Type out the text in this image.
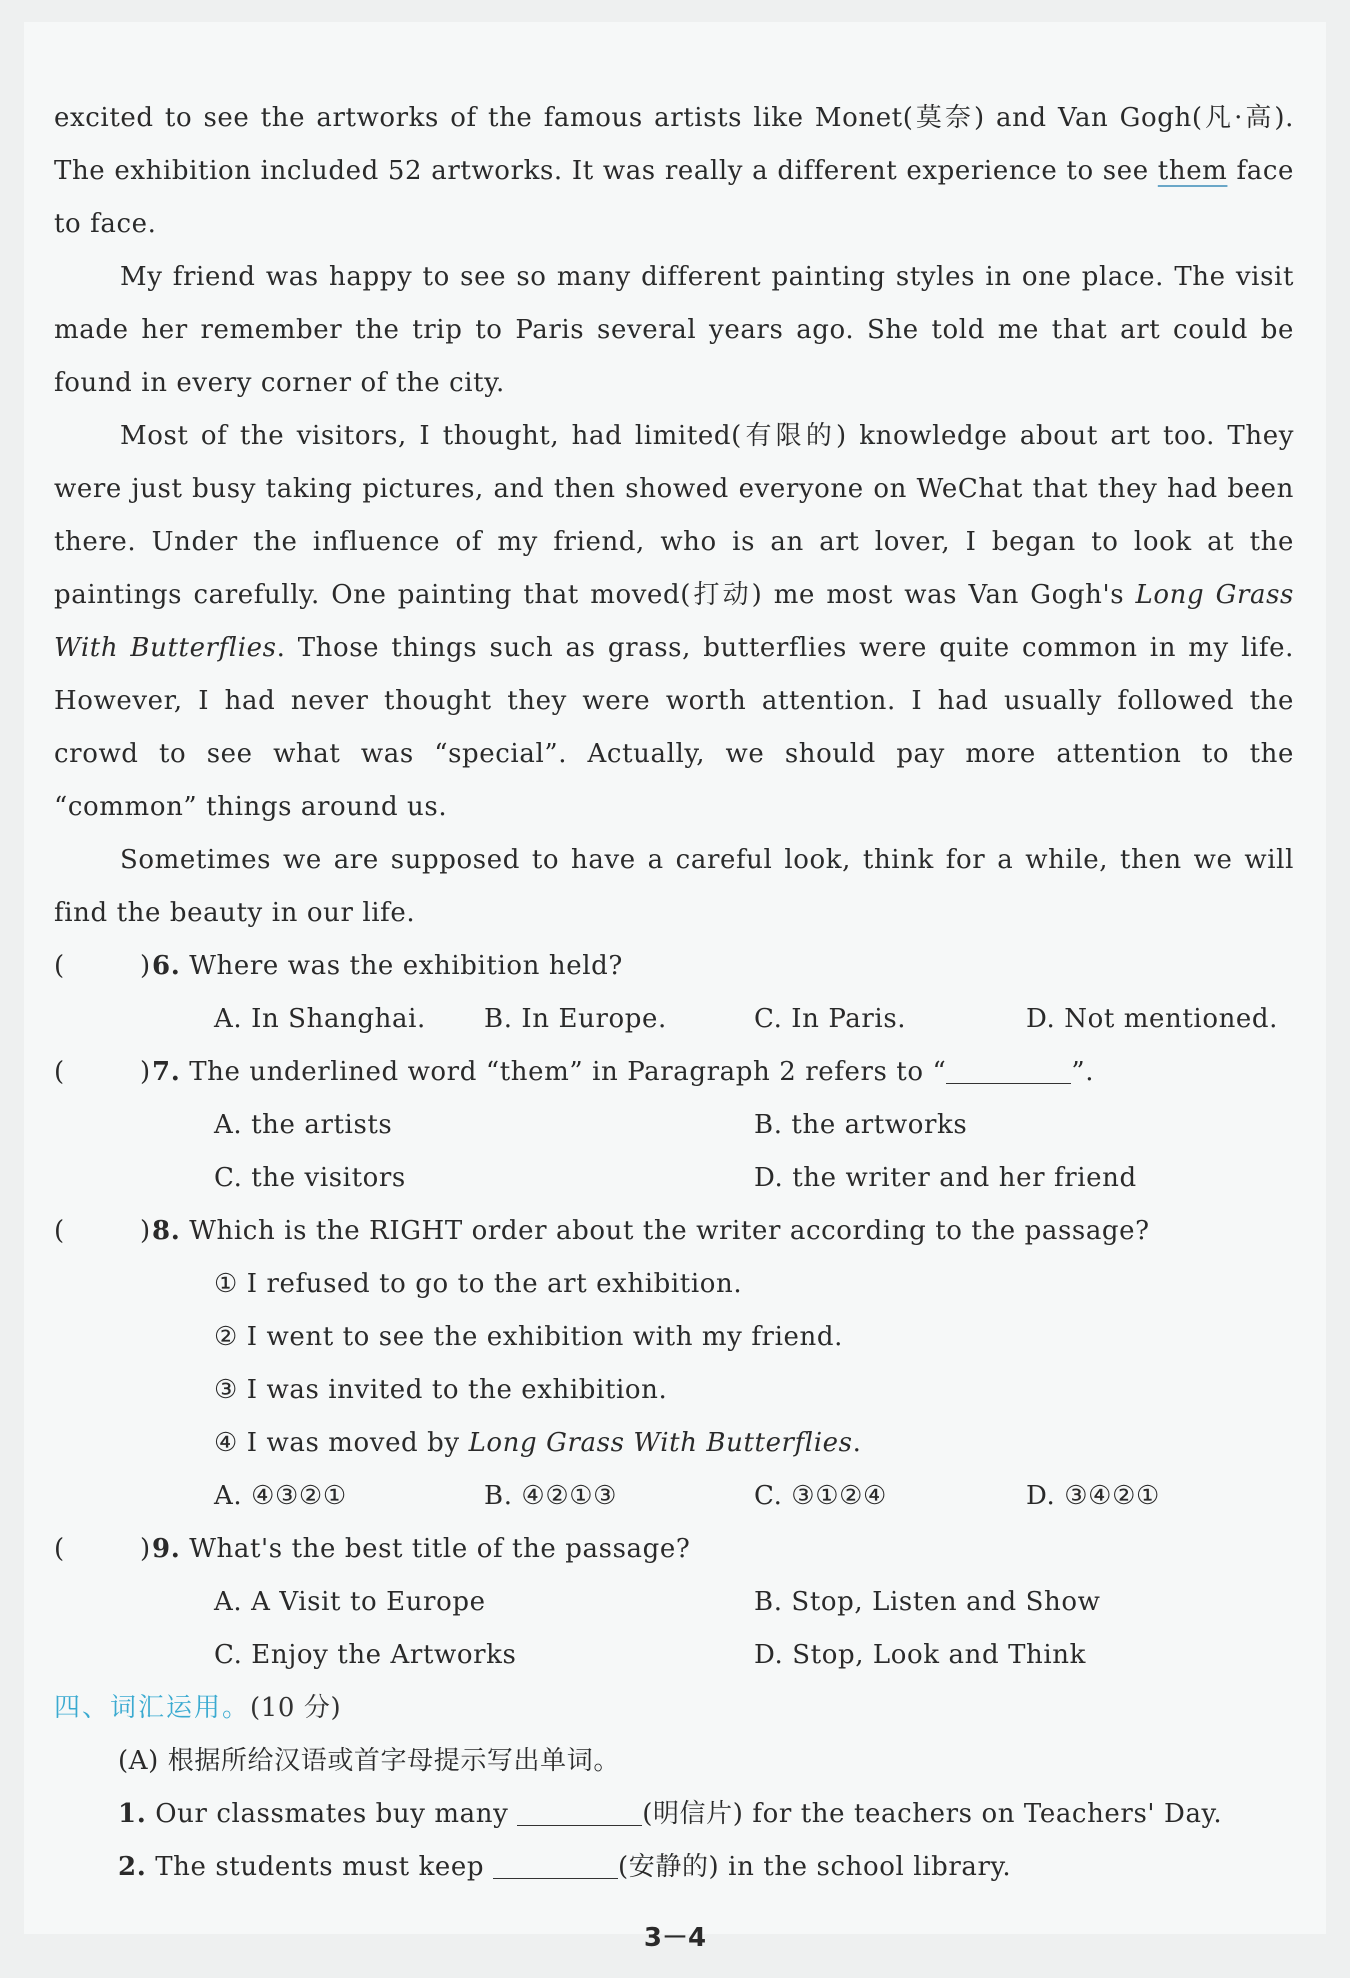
excited to see the artworks of the famous artists like Monet(莫奈) and Van Gogh(凡·高).
The exhibition included 52 artworks. It was really a different experience to see them face
to face.
My friend was happy to see so many different painting styles in one place. The visit
made her remember the trip to Paris several years ago. She told me that art could be
found in every corner of the city.
Most of the visitors, I thought, had limited(有限的) knowledge about art too. They
were just busy taking pictures, and then showed everyone on WeChat that they had been
there. Under the influence of my friend, who is an art lover, I began to look at the
paintings carefully. One painting that moved(打动) me most was Van Gogh's Long Grass
With Butterflies. Those things such as grass, butterflies were quite common in my life.
However, I had never thought they were worth attention. I had usually followed the
crowd to see what was “special”. Actually, we should pay more attention to the
“common” things around us.
Sometimes we are supposed to have a careful look, think for a while, then we will
find the beauty in our life.
(	) 6. Where was the exhibition held?
A. In Shanghai. B. In Europe.	C. In Paris.	D. Not mentioned.
(	) 7. The underlined word “them” in Paragraph 2 refers to “	”.
A. the artists	B. the artworks
C. the visitors	D. the writer and her friend
(	) 8. Which is the RIGHT order about the writer according to the passage?
① I refused to go to the art exhibition.
② I went to see the exhibition with my friend.
③ I was invited to the exhibition.
④ I was moved by Long Grass With Butterflies.
A. ④③②①	B. ④②①③	C. ③①②④	D. ③④②①
(	) 9. What's the best title of the passage?
A. A Visit to Europe	B. Stop, Listen and Show
C. Enjoy the Artworks	D. Stop, Look and Think
四、词汇运用。(10 分)
(A) 根据所给汉语或首字母提示写出单词。
1. Our classmates buy many	(明信片) for the teachers on Teachers' Day.
2. The students must keep	(安静的) in the school library.
3－4
